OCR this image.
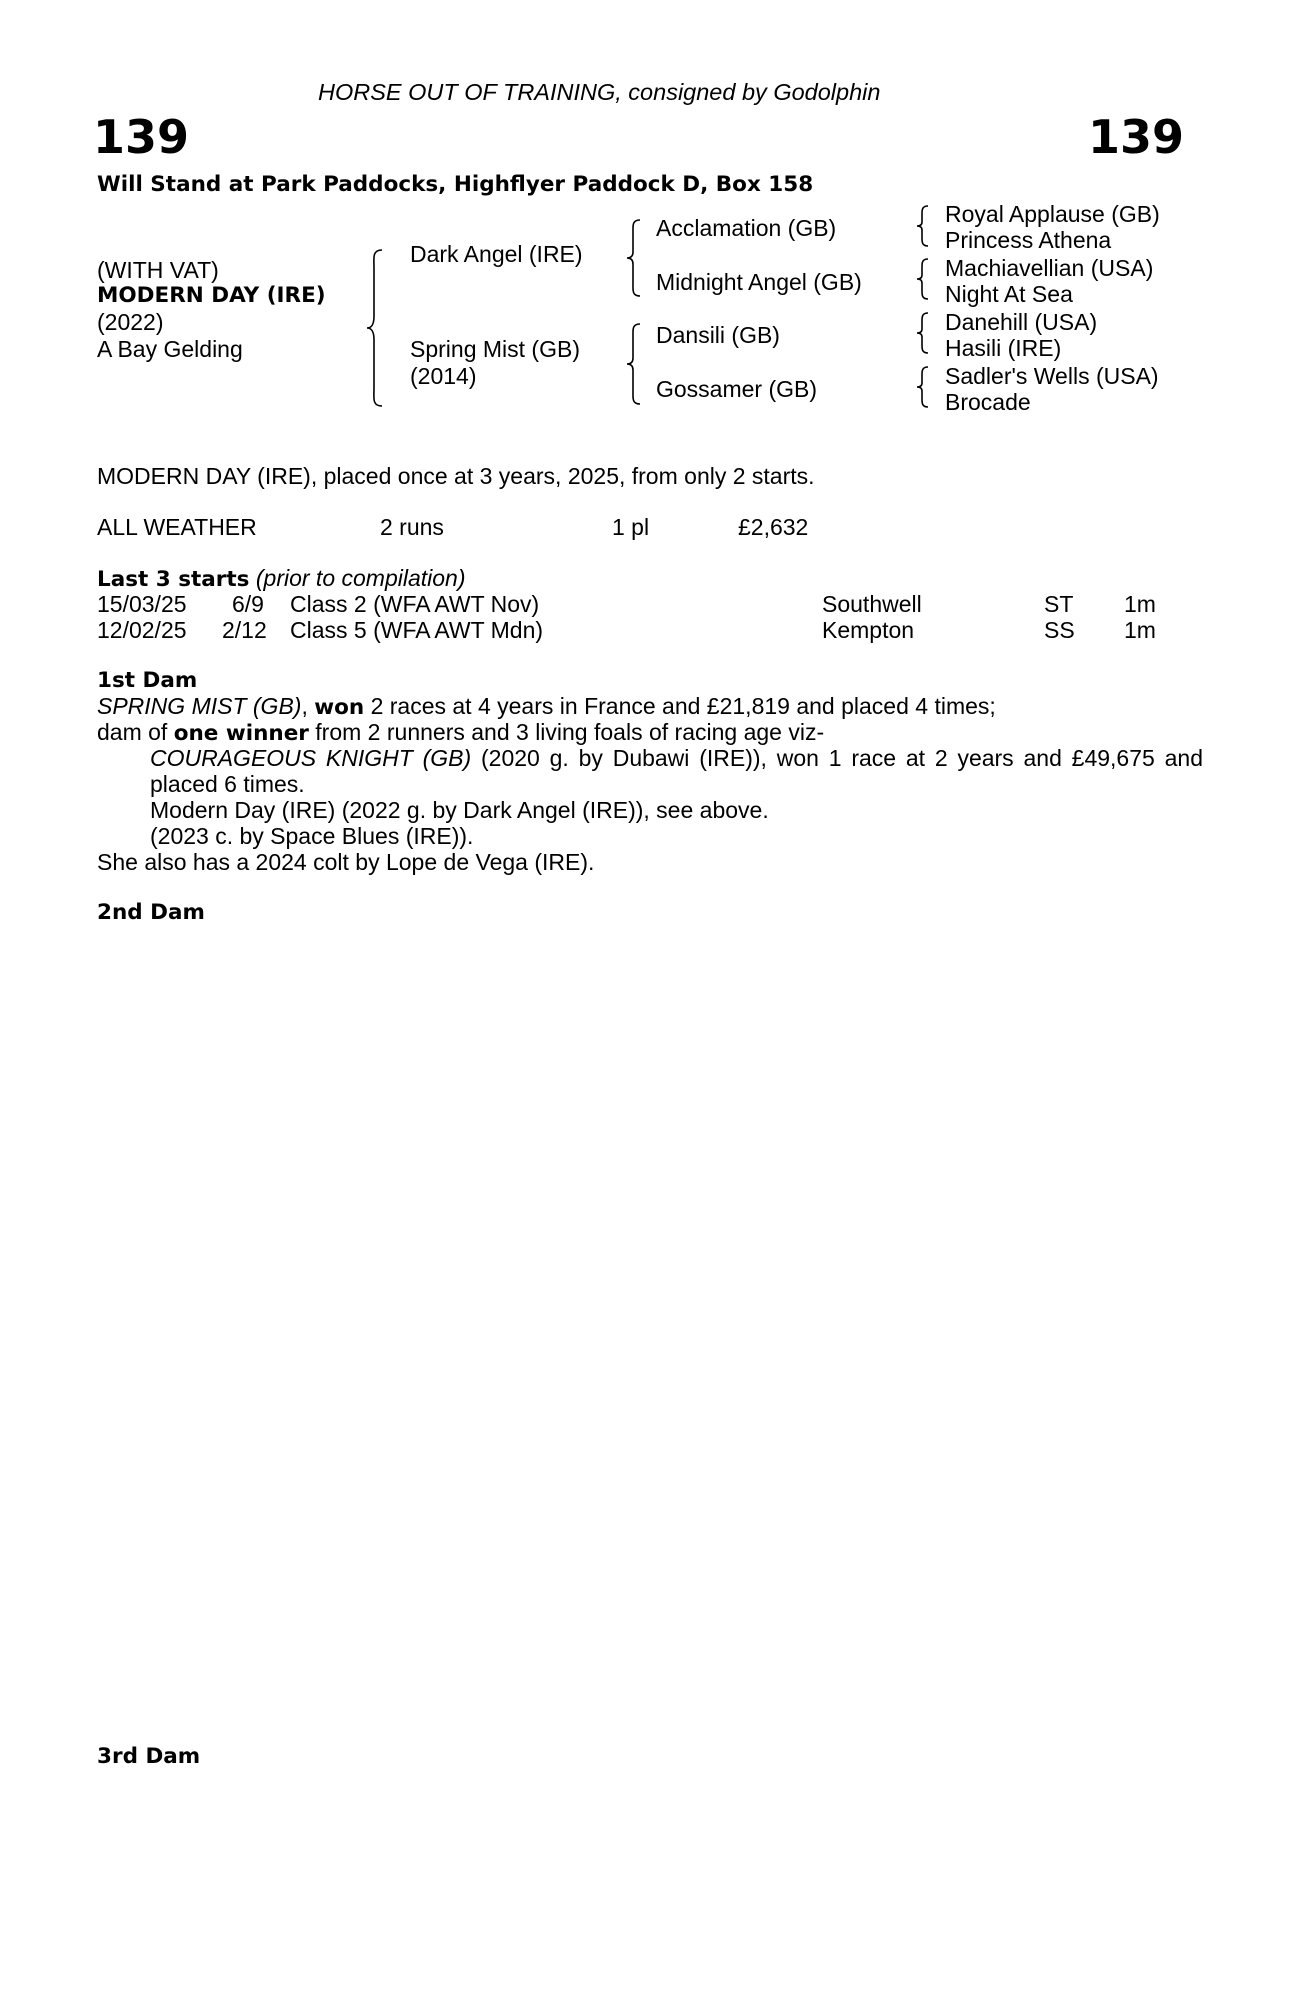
HORSE OUT OF TRAINING, consigned by Godolphin
139	139
Will Stand at Park Paddocks, Highflyer Paddock D, Box 158
(WITH VAT)
MODERN DAY (IRE)
(2022)
A Bay Gelding
Dark Angel (IRE)
Spring Mist (GB)
(2014)
Acclamation (GB)
Midnight Angel (GB)
Dansili (GB)
Gossamer (GB)
Royal Applause (GB)
Princess Athena
Machiavellian (USA)
Night At Sea
Danehill (USA)
Hasili (IRE)
Sadler's Wells (USA)
Brocade
MODERN DAY (IRE), placed once at 3 years, 2025, from only 2 starts.
ALL WEATHER	2 runs	1 pl	£2,632
Last 3 starts (prior to compilation)
15/03/25 6/9 Class 2 (WFA AWT Nov)	Southwell	ST 1m
12/02/25 2/12 Class 5 (WFA AWT Mdn)	Kempton	SS 1m
1st Dam
SPRING MIST (GB), won 2 races at 4 years in France and £21,819 and placed 4 times;
dam of one winner from 2 runners and 3 living foals of racing age viz-
COURAGEOUS KNIGHT (GB) (2020 g. by Dubawi (IRE)), won 1 race at 2 years and £49,675 and placed 6 times.
Modern Day (IRE) (2022 g. by Dark Angel (IRE)), see above.
(2023 c. by Space Blues (IRE)).
She also has a 2024 colt by Lope de Vega (IRE).
2nd Dam
3rd Dam
